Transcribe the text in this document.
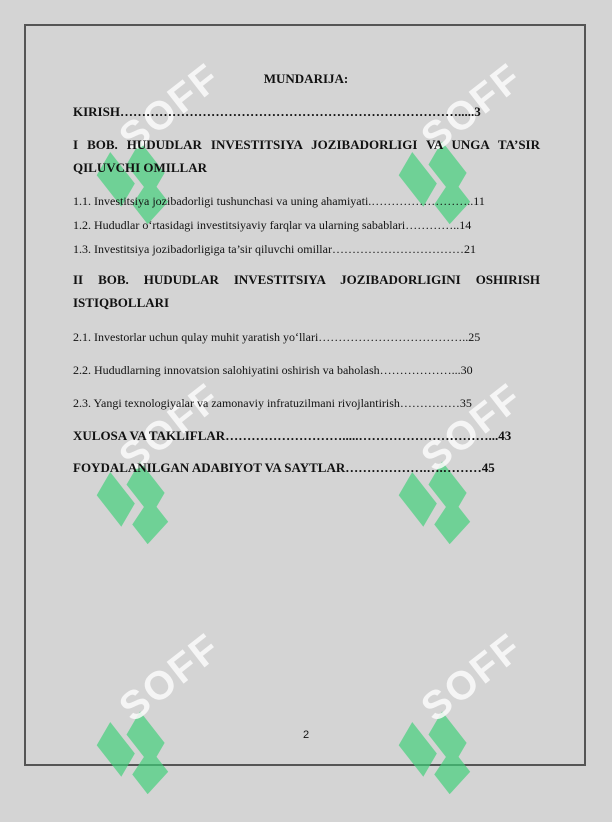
SOFF	SOFF
SOFF	SOFF
SOFF	SOFF
MUNDARIJA:
KIRISH…………………………………………………………………….....3
I BOB. HUDUDLAR INVESTITSIYA JOZIBADORLIGI VA UNGA TA’SIR QILUVCHI OMILLAR
1.1. Investitsiya jozibadorligi tushunchasi va uning ahamiyati.……………………..11
1.2. Hududlar oʻrtasidagi investitsiyaviy farqlar va ularning sabablari…………..14
1.3. Investitsiya jozibadorligiga ta’sir qiluvchi omillar……………………………21
II BOB. HUDUDLAR INVESTITSIYA JOZIBADORLIGINI OSHIRISH ISTIQBOLLARI
2.1. Investorlar uchun qulay muhit yaratish yoʻllari………………………………..25
2.2. Hududlarning innovatsion salohiyatini oshirish va baholash………………...30
2.3. Yangi texnologiyalar va zamonaviy infratuzilmani rivojlantirish……………35
XULOSA VA TAKLIFLAR……………………….....…………………………...43
FOYDALANILGAN ADABIYOT VA SAYTLAR……………….….………45
2
